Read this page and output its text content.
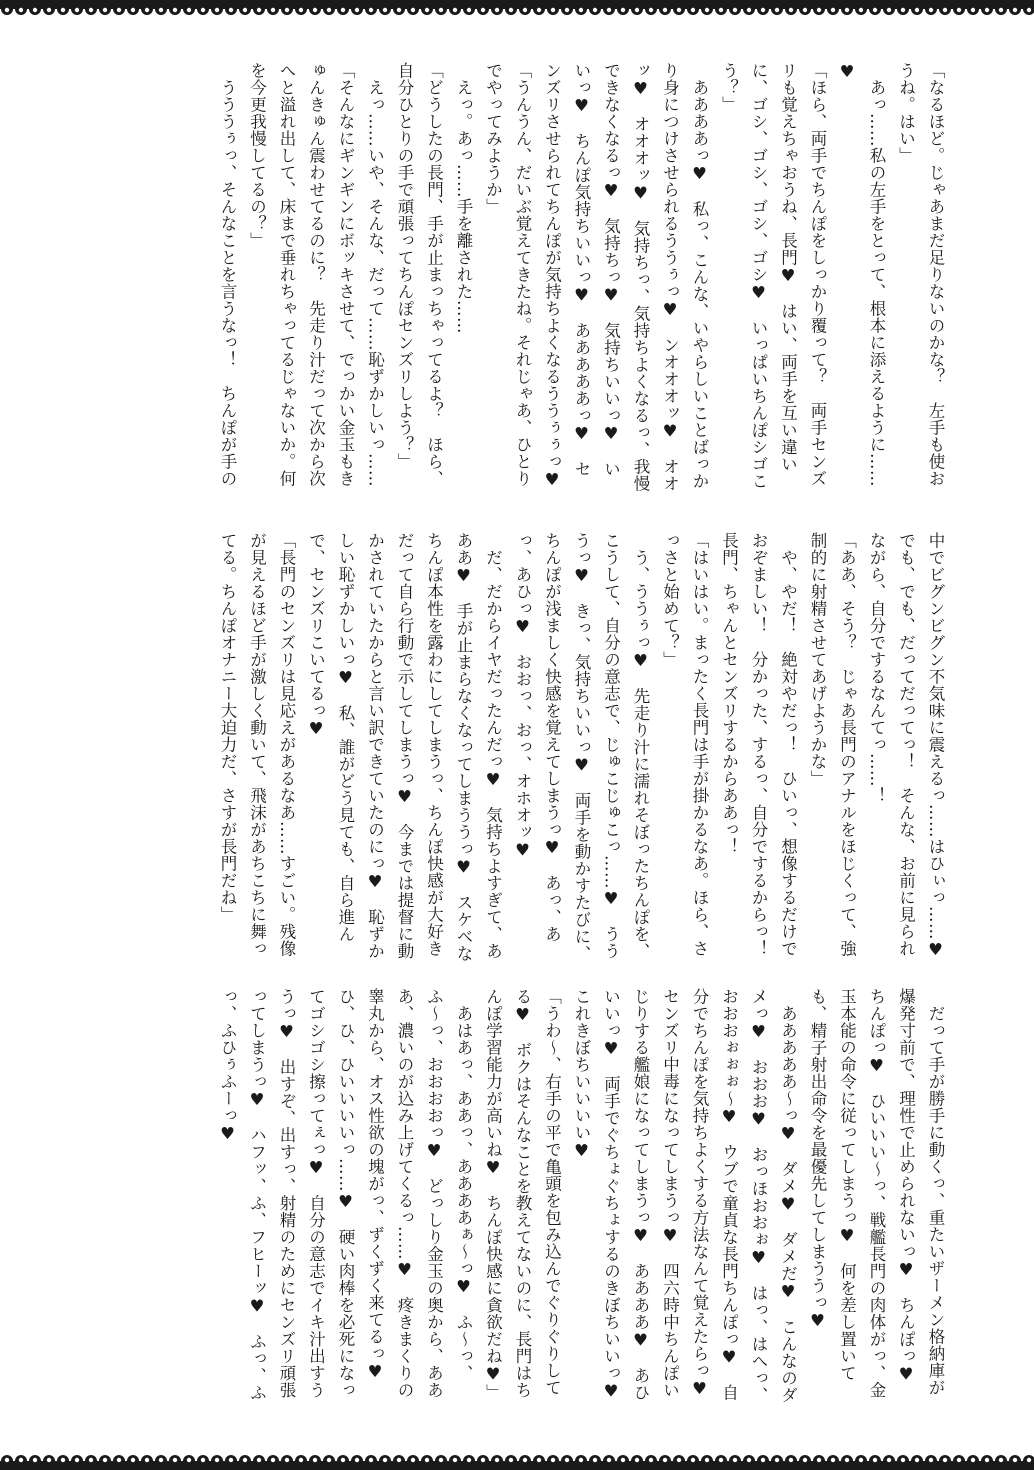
「なるほど。じゃあまだ足りないのかな？　左手も使おうね。はい」
　あっ……私の左手をとって、根本に添えるように……♥
「ほら、両手でちんぽをしっかり覆って？　両手センズリも覚えちゃおうね、長門♥　はい、両手を互い違いに、ゴシ、ゴシ、ゴシ、ゴシ♥　いっぱいちんぽシゴこう？」
　ああああっ♥　私っ、こんな、いやらしいことばっかり身につけさせられるううぅっ♥　ンオオオッ♥　オオッ♥　オオオッ♥　気持ちっ、気持ちよくなるっ、我慢できなくなるっ♥　気持ちっ♥　気持ちいいっ♥　いいっ♥　ちんぽ気持ちいいっ♥　あああああっ♥　センズリさせられてちんぽが気持ちよくなるううぅぅっ♥
「うんうん、だいぶ覚えてきたね。それじゃあ、ひとりでやってみようか」
　えっ。あっ……手を離された……
「どうしたの長門、手が止まっちゃってるよ？　ほら、自分ひとりの手で頑張ってちんぽセンズリしよう？」
　えっ……いや、そんな、だって……恥ずかしいっ……
「そんなにギンギンにボッキさせて、でっかい金玉もきゅんきゅん震わせてるのに？　先走り汁だって次から次へと溢れ出して、床まで垂れちゃってるじゃないか。何を今更我慢してるの？」
　うううぅっ、そんなことを言うなっ！　ちんぽが手の

中でビグンビグン不気味に震えるっ……はひぃっ……♥　でも、でも、だってだってっ！　そんな、お前に見られながら、自分でするなんてっ……！
「ああ、そう？　じゃあ長門のアナルをほじくって、強制的に射精させてあげようかな」
　や、やだ！　絶対やだっ！　ひいっ、想像するだけでおぞましい！　分かった、するっ、自分でするからっ！　長門、ちゃんとセンズリするからああっ！
「はいはい。まったく長門は手が掛かるなあ。ほら、さっさと始めて？」
　う、ううぅっ♥　先走り汁に濡れそぼったちんぽを、こうして、自分の意志で、じゅこじゅこっ……♥　うううっ♥　きっ、気持ちいいっ♥　両手を動かすたびに、ちんぽが浅ましく快感を覚えてしまうっ♥　あっ、あっ、あひっ♥　おおっ、おっ、オホオッ♥
　だ、だからイヤだったんだっ♥　気持ちよすぎて、あああ♥　手が止まらなくなってしまううっ♥　スケベなちんぽ本性を露わにしてしまうっ、ちんぽ快感が大好きだって自ら行動で示してしまうっ♥　今までは提督に動かされていたからと言い訳できていたのにっ♥　恥ずかしい恥ずかしいっ♥　私、誰がどう見ても、自ら進んで、センズリこいてるっ♥
「長門のセンズリは見応えがあるなあ……すごい。残像が見えるほど手が激しく動いて、飛沫があちこちに舞ってる。ちんぽオナニー大迫力だ、さすが長門だね」

　だって手が勝手に動くっ、重たいザーメン格納庫が爆発寸前で、理性で止められないっ♥　ちんぽっ♥　ちんぽっ♥　ひいいい〜っ、戦艦長門の肉体がっ、金玉本能の命令に従ってしまうっ♥　何を差し置いても、精子射出命令を最優先してしまううっ♥
　あああああ〜っ♥　ダメ♥　ダメだ♥　こんなのダメっ♥　おおお♥　おっほおおぉ♥　はっ、はへっ、おおおぉぉぉ〜♥　ウブで童貞な長門ちんぽっ♥　自分でちんぽを気持ちよくする方法なんて覚えたらっ♥　センズリ中毒になってしまうっ♥　四六時中ちんぽいじりする艦娘になってしまうっ♥　ああああ♥　あひいいっ♥　両手でぐちょぐちょするのきぼちいいっ♥　これきぼちいいいい♥
「うわ〜、右手の平で亀頭を包み込んでぐりぐりしてる♥　ボクはそんなことを教えてないのに、長門はちんぽ学習能力が高いね♥　ちんぽ快感に貪欲だね♥」
　あはあっ、ああっ、ああああぁ〜っ♥　ふ〜っ、ふ〜っ、おおおおっ♥　どっしり金玉の奥から、あああ、濃いのが込み上げてくるっ……♥　疼きまくりの睾丸から、オス性欲の塊がっ、ずくずく来てるっ♥　ひ、ひ、ひいいいいっ……♥　硬い肉棒を必死になってゴシゴシ擦ってぇっ♥　自分の意志でイキ汁出すううっ♥　出すぞ、出すっ、射精のためにセンズリ頑張ってしまうっ♥　ハフッ、ふ、フヒーッ♥　ふっ、ふっ、ふひぅふーっ♥
